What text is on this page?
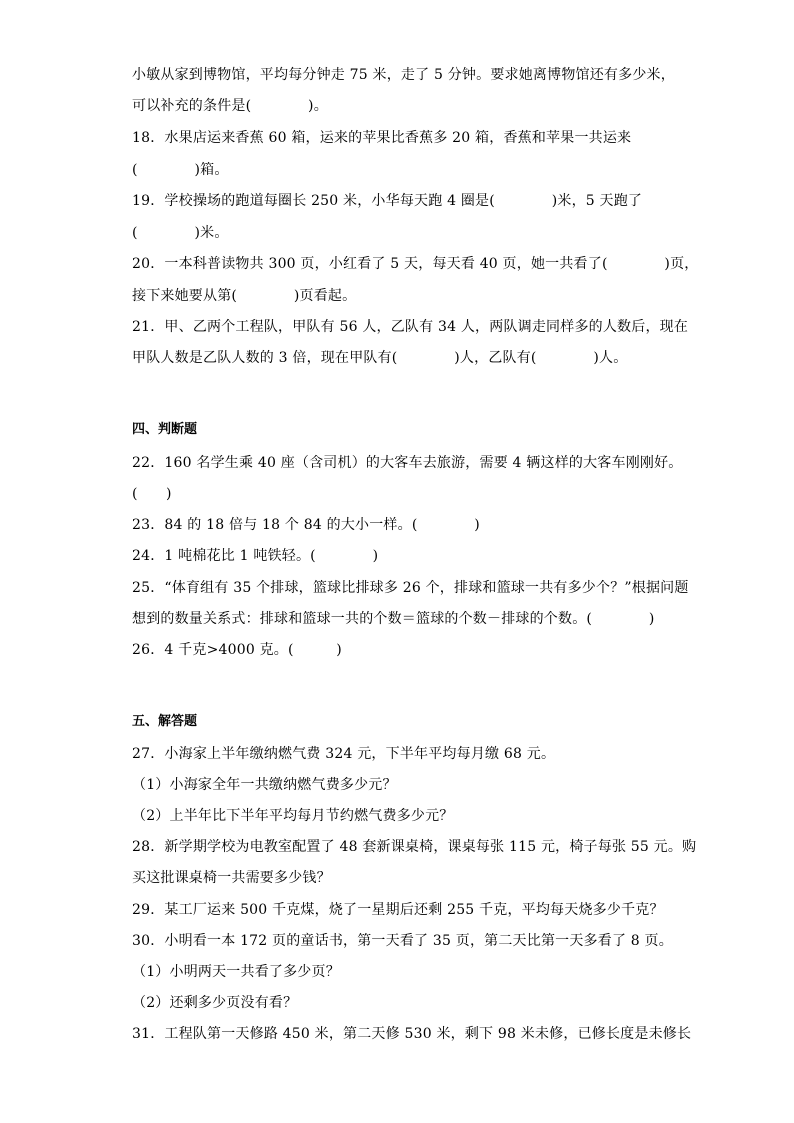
小敏从家到博物馆，平均每分钟走 75 米，走了 5 分钟。要求她离博物馆还有多少米，
可以补充的条件是(　　　　)。
18．水果店运来香蕉 60 箱，运来的苹果比香蕉多 20 箱，香蕉和苹果一共运来
(　　　　)箱。
19．学校操场的跑道每圈长 250 米，小华每天跑 4 圈是(　　　　)米，5 天跑了
(　　　　)米。
20．一本科普读物共 300 页，小红看了 5 天，每天看 40 页，她一共看了(　　　　)页，
接下来她要从第(　　　　)页看起。
21．甲、乙两个工程队，甲队有 56 人，乙队有 34 人，两队调走同样多的人数后，现在
甲队人数是乙队人数的 3 倍，现在甲队有(　　　　)人，乙队有(　　　　)人。
四、判断题
22．160 名学生乘 40 座（含司机）的大客车去旅游，需要 4 辆这样的大客车刚刚好。
(　　)
23．84 的 18 倍与 18 个 84 的大小一样。(　　　　)
24．1 吨棉花比 1 吨铁轻。(　　　　)
25．“体育组有 35 个排球，篮球比排球多 26 个，排球和篮球一共有多少个？”根据问题
想到的数量关系式：排球和篮球一共的个数＝篮球的个数－排球的个数。(　　　　)
26．4 千克>4000 克。(　　　)
五、解答题
27．小海家上半年缴纳燃气费 324 元，下半年平均每月缴 68 元。
（1）小海家全年一共缴纳燃气费多少元？
（2）上半年比下半年平均每月节约燃气费多少元？
28．新学期学校为电教室配置了 48 套新课桌椅，课桌每张 115 元，椅子每张 55 元。购
买这批课桌椅一共需要多少钱？
29．某工厂运来 500 千克煤，烧了一星期后还剩 255 千克，平均每天烧多少千克？
30．小明看一本 172 页的童话书，第一天看了 35 页，第二天比第一天多看了 8 页。
（1）小明两天一共看了多少页？
（2）还剩多少页没有看？
31．工程队第一天修路 450 米，第二天修 530 米，剩下 98 米未修，已修长度是未修长
